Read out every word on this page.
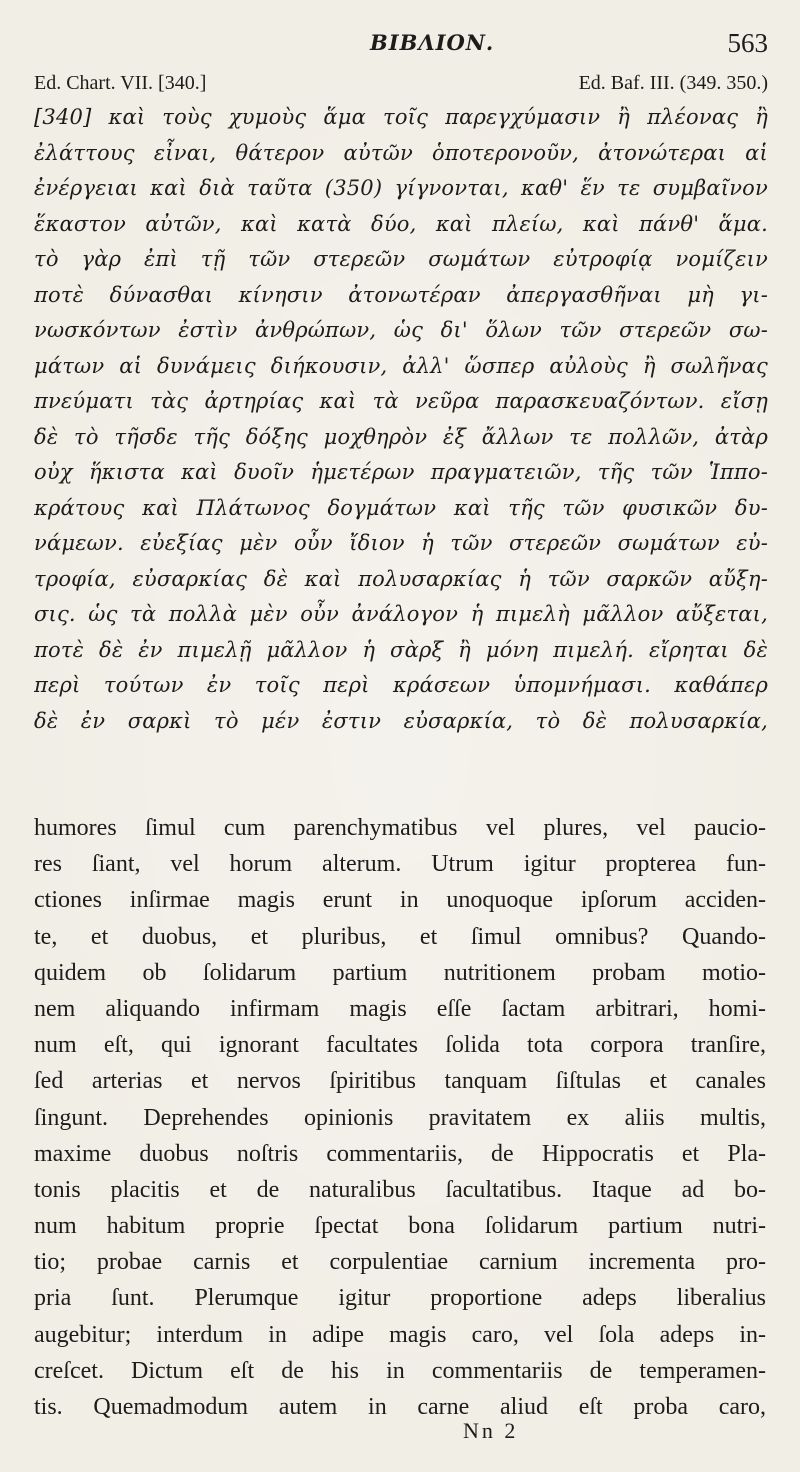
ΒΙΒΛΙΟΝ.	563
Ed. Chart. VII. [340.]	Ed. Baf. III. (349. 350.)
[340] καὶ τοὺς χυμοὺς ἅμα τοῖς παρεγχύμασιν ἢ πλέονας ἢ
ἐλάττους εἶναι, θάτερον αὐτῶν ὁποτερονοῦν, ἀτονώτεραι αἱ
ἐνέργειαι καὶ διὰ ταῦτα (350) γίγνονται, καθ' ἕν τε συμβαῖνον
ἕκαστον αὐτῶν, καὶ κατὰ δύο, καὶ πλείω, καὶ πάνθ' ἅμα.
τὸ γὰρ ἐπὶ τῇ τῶν στερεῶν σωμάτων εὐτροφίᾳ νομίζειν
ποτὲ δύνασθαι κίνησιν ἀτονωτέραν ἀπεργασθῆναι μὴ γι-
νωσκόντων ἐστὶν ἀνθρώπων, ὡς δι' ὅλων τῶν στερεῶν σω-
μάτων αἱ δυνάμεις διήκουσιν, ἀλλ' ὥσπερ αὐλοὺς ἢ σωλῆνας
πνεύματι τὰς ἀρτηρίας καὶ τὰ νεῦρα παρασκευαζόντων. εἴσῃ
δὲ τὸ τῆσδε τῆς δόξης μοχθηρὸν ἐξ ἄλλων τε πολλῶν, ἀτὰρ
οὐχ ἥκιστα καὶ δυοῖν ἡμετέρων πραγματειῶν, τῆς τῶν Ἱππο-
κράτους καὶ Πλάτωνος δογμάτων καὶ τῆς τῶν φυσικῶν δυ-
νάμεων. εὐεξίας μὲν οὖν ἴδιον ἡ τῶν στερεῶν σωμάτων εὐ-
τροφία, εὐσαρκίας δὲ καὶ πολυσαρκίας ἡ τῶν σαρκῶν αὔξη-
σις. ὡς τὰ πολλὰ μὲν οὖν ἀνάλογον ἡ πιμελὴ μᾶλλον αὔξεται,
ποτὲ δὲ ἐν πιμελῇ μᾶλλον ἡ σὰρξ ἢ μόνη πιμελή. εἴρηται δὲ
περὶ τούτων ἐν τοῖς περὶ κράσεων ὑπομνήμασι. καθάπερ
δὲ ἐν σαρκὶ τὸ μέν ἐστιν εὐσαρκία, τὸ δὲ πολυσαρκία,
humores ſimul cum parenchymatibus vel plures, vel paucio-
res ſiant, vel horum alterum. Utrum igitur propterea fun-
ctiones inſirmae magis erunt in unoquoque ipſorum acciden-
te, et duobus, et pluribus, et ſimul omnibus? Quando-
quidem ob ſolidarum partium nutritionem probam motio-
nem aliquando infirmam magis eſſe ſactam arbitrari, homi-
num eſt, qui ignorant facultates ſolida tota corpora tranſire,
ſed arterias et nervos ſpiritibus tanquam ſiſtulas et canales
ſingunt. Deprehendes opinionis pravitatem ex aliis multis,
maxime duobus noſtris commentariis, de Hippocratis et Pla-
tonis placitis et de naturalibus ſacultatibus. Itaque ad bo-
num habitum proprie ſpectat bona ſolidarum partium nutri-
tio; probae carnis et corpulentiae carnium incrementa pro-
pria ſunt. Plerumque igitur proportione adeps liberalius
augebitur; interdum in adipe magis caro, vel ſola adeps in-
creſcet. Dictum eſt de his in commentariis de temperamen-
tis. Quemadmodum autem in carne aliud eſt proba caro,
Nn 2
